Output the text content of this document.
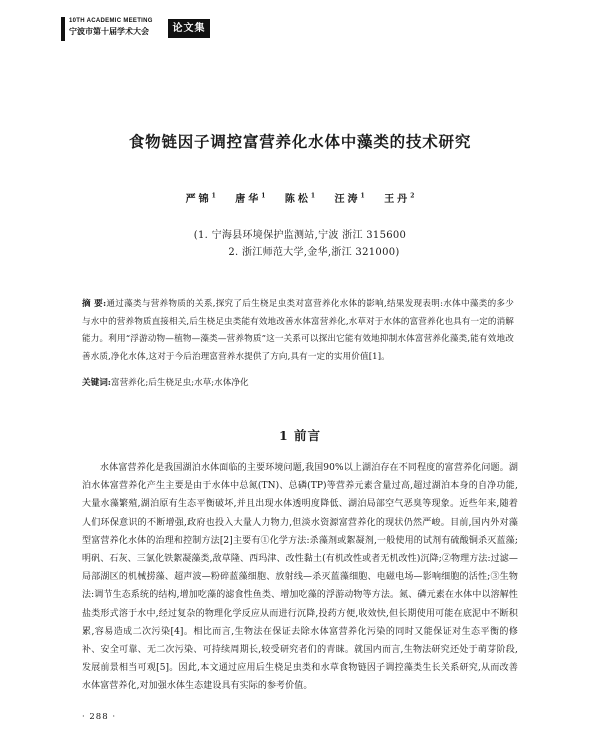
10TH ACADEMIC MEETING
宁波市第十届学术大会	论文集
食物链因子调控富营养化水体中藻类的技术研究
严锦$^1$ 唐华$^1$ 陈松$^1$ 汪涛$^1$ 王丹$^2$
(1. 宁海县环境保护监测站,宁波 浙江 315600
2. 浙江师范大学,金华,浙江 321000)
摘 要:通过藻类与营养物质的关系,探究了后生桡足虫类对富营养化水体的影响,结果发现表明:水体中藻类的多少与水中的营养物质直接相关,后生桡足虫类能有效地改善水体富营养化,水草对于水体的富营养化也具有一定的消解能力。利用“浮游动物—植物—藻类—营养物质”这一关系可以探出它能有效地抑制水体富营养化藻类,能有效地改善水质,净化水体,这对于今后治理富营养水提供了方向,具有一定的实用价值[1]。
关键词:富营养化;后生桡足虫;水草;水体净化
1 前言
水体富营养化是我国湖泊水体面临的主要环境问题,我国90%以上湖泊存在不同程度的富营养化问题。湖泊水体富营养化产生主要是由于水体中总氮(TN)、总磷(TP)等营养元素含量过高,超过湖泊本身的自净功能,大量水藻繁殖,湖泊原有生态平衡破坏,并且出现水体透明度降低、湖泊局部空气恶臭等现象。近些年来,随着人们环保意识的不断增强,政府也投入大量人力物力,但淡水资源富营养化的现状仍然严峻。目前,国内外对藻型富营养化水体的治理和控制方法[2]主要有①化学方法:杀藻剂或絮凝剂,一般使用的试剂有硫酸铜杀灭蓝藻;明矾、石灰、三氯化铁絮凝藻类,敌草隆、西玛津、改性黏土(有机改性或者无机改性)沉降;②物理方法:过滤—局部湖区的机械捞藻、超声波—粉碎蓝藻细胞、放射线—杀灭蓝藻细胞、电磁电场—影响细胞的活性;③生物法:调节生态系统的结构,增加吃藻的滤食性鱼类、增加吃藻的浮游动物等方法。氮、磷元素在水体中以溶解性盐类形式溶于水中,经过复杂的物理化学反应从而进行沉降,投药方便,收效快,但长期使用可能在底泥中不断积累,容易造成二次污染[4]。相比而言,生物法在保证去除水体富营养化污染的同时又能保证对生态平衡的修补、安全可靠、无二次污染、可持续周期长,较受研究者们的青睐。就国内而言,生物法研究还处于萌芽阶段,发展前景相当可观[5]。因此,本文通过应用后生桡足虫类和水草食物链因子调控藻类生长关系研究,从而改善水体富营养化,对加强水体生态建设具有实际的参考价值。
· 288 ·
